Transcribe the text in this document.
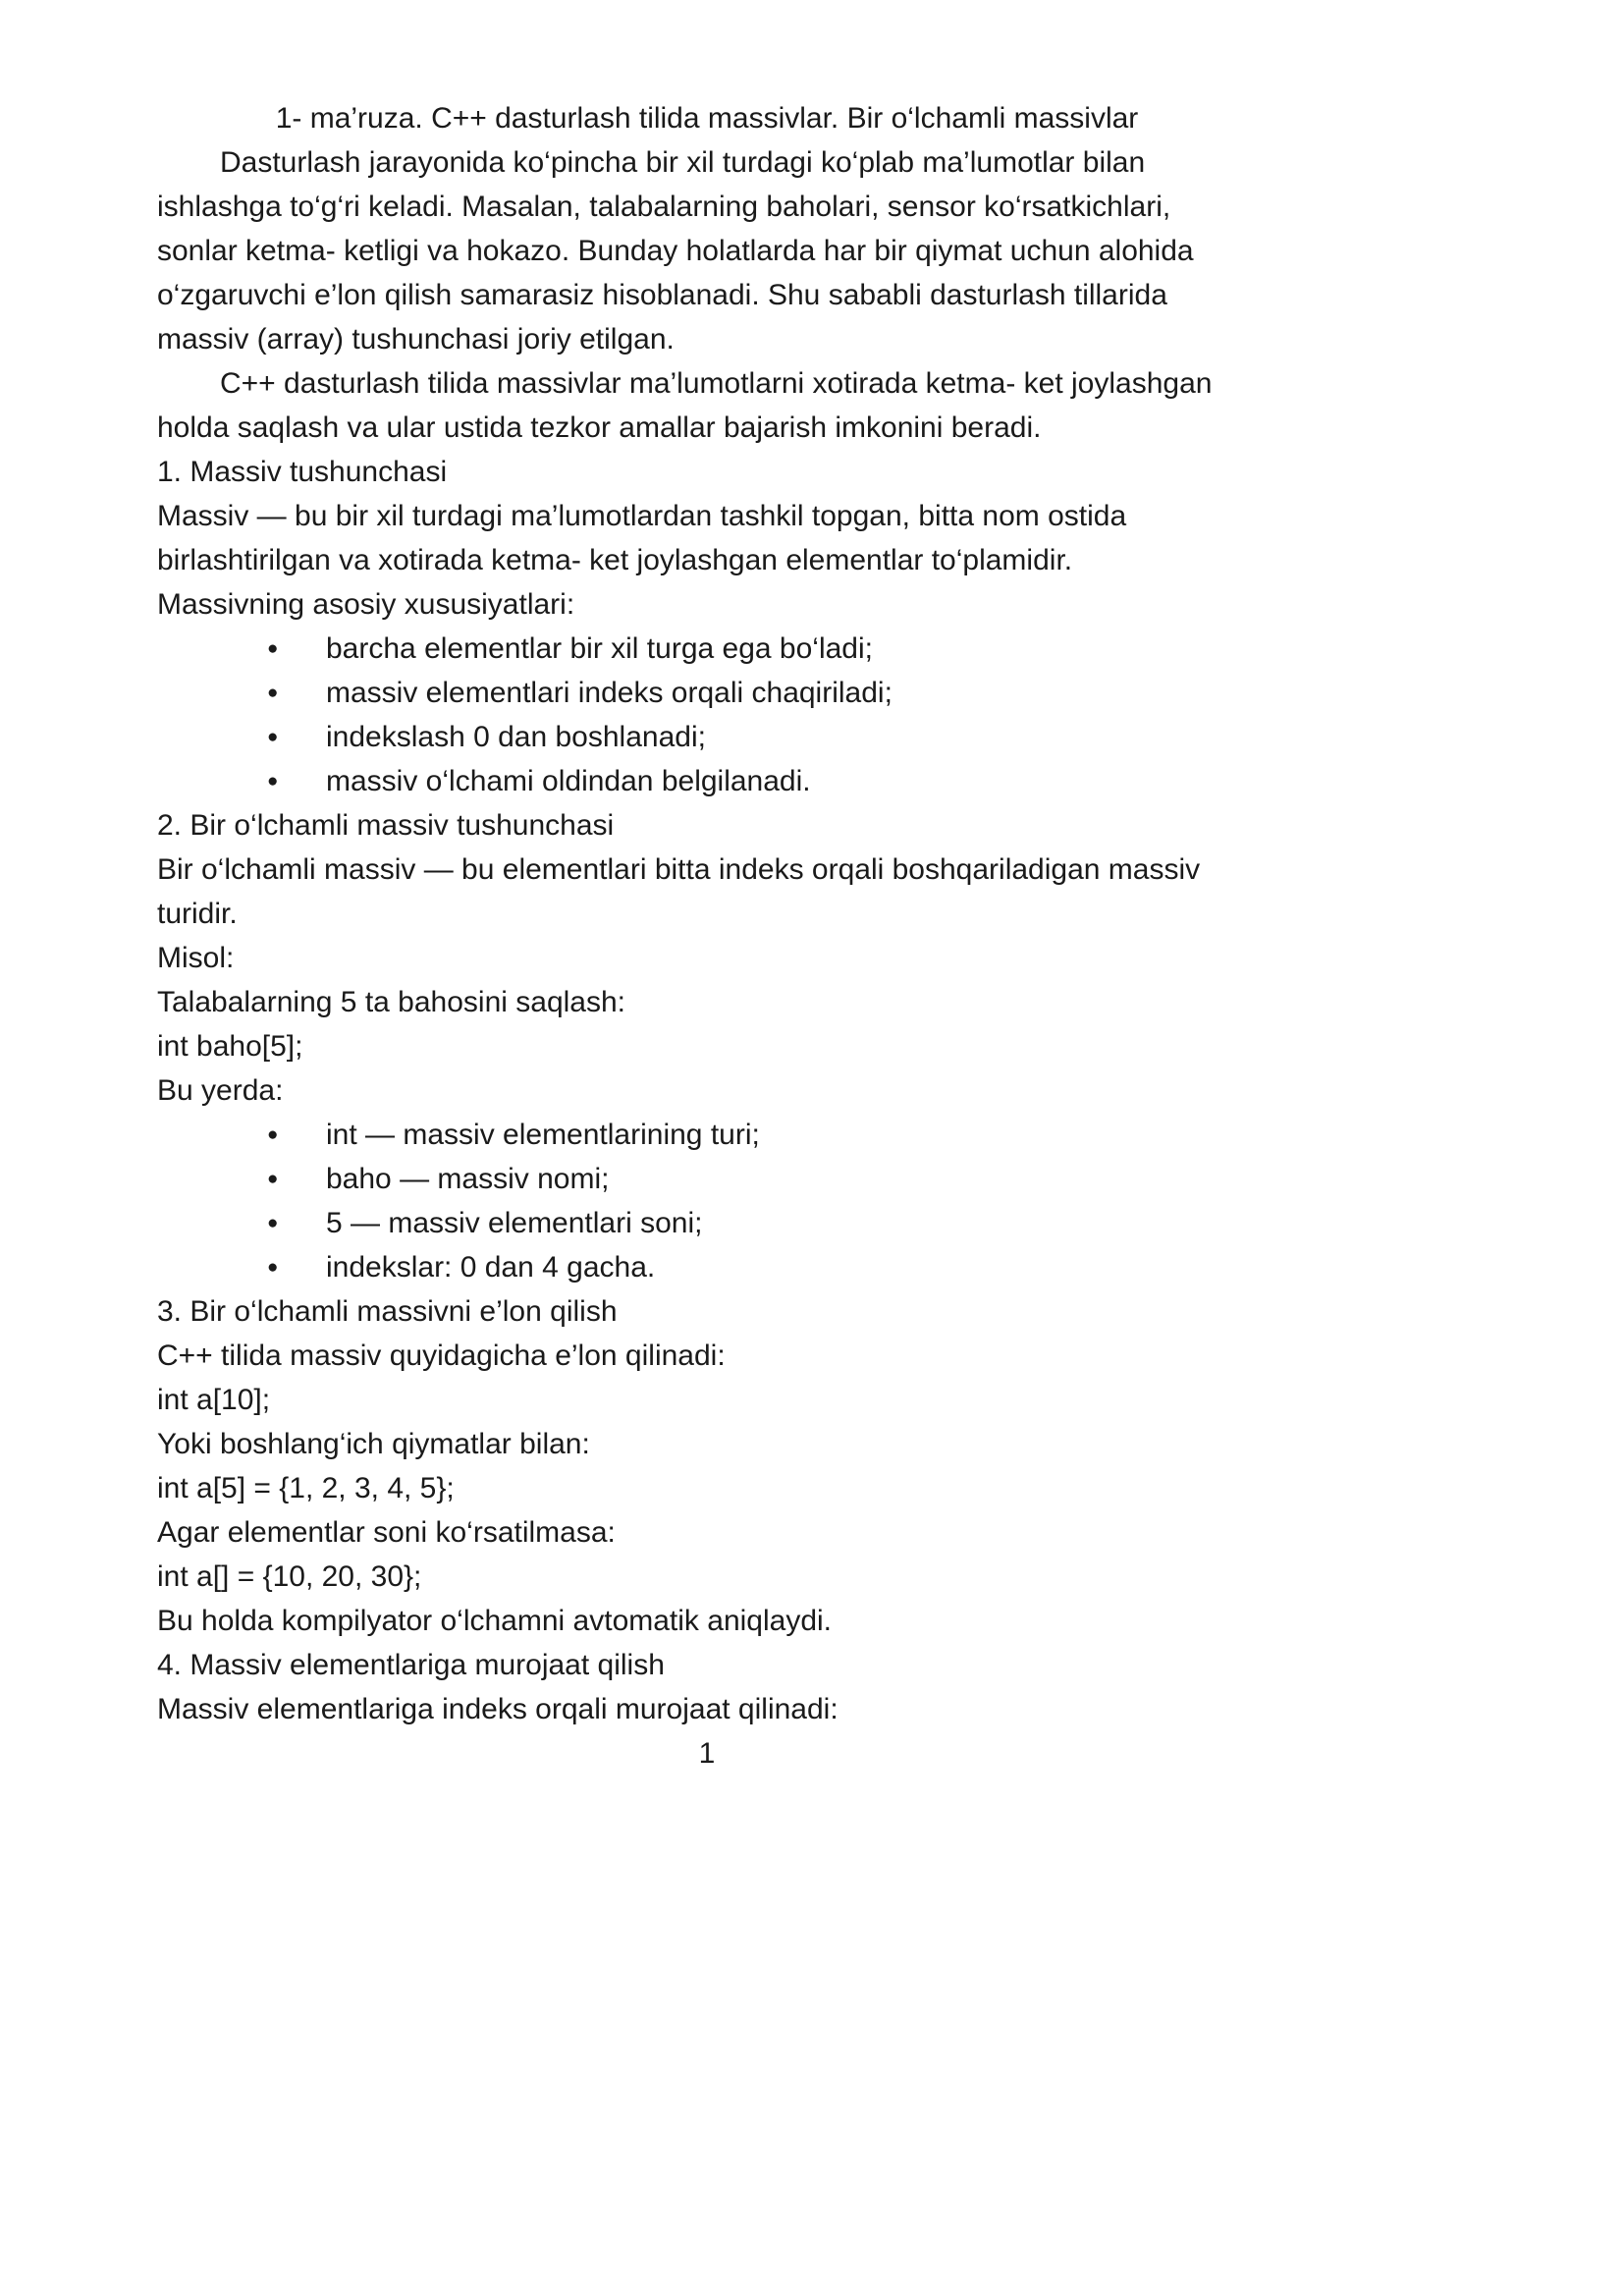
1- ma’ruza. C++ dasturlash tilida massivlar. Bir o‘lchamli massivlar

Dasturlash jarayonida ko‘pincha bir xil turdagi ko‘plab ma’lumotlar bilan ishlashga to‘g‘ri keladi. Masalan, talabalarning baholari, sensor ko‘rsatkichlari, sonlar ketma- ketligi va hokazo. Bunday holatlarda har bir qiymat uchun alohida o‘zgaruvchi e’lon qilish samarasiz hisoblanadi. Shu sababli dasturlash tillarida massiv (array) tushunchasi joriy etilgan.

C++ dasturlash tilida massivlar ma’lumotlarni xotirada ketma- ket joylashgan holda saqlash va ular ustida tezkor amallar bajarish imkonini beradi.

1. Massiv tushunchasi

Massiv — bu bir xil turdagi ma’lumotlardan tashkil topgan, bitta nom ostida birlashtirilgan va xotirada ketma- ket joylashgan elementlar to‘plamidir.

Massivning asosiy xususiyatlari:

● barcha elementlar bir xil turga ega bo‘ladi;
● massiv elementlari indeks orqali chaqiriladi;
● indekslash 0 dan boshlanadi;
● massiv o‘lchami oldindan belgilanadi.

2. Bir o‘lchamli massiv tushunchasi

Bir o‘lchamli massiv — bu elementlari bitta indeks orqali boshqariladigan massiv turidir.

Misol:

Talabalarning 5 ta bahosini saqlash:

int baho[5];

Bu yerda:

● int — massiv elementlarining turi;
● baho — massiv nomi;
● 5 — massiv elementlari soni;
● indekslar: 0 dan 4 gacha.

3. Bir o‘lchamli massivni e’lon qilish

C++ tilida massiv quyidagicha e’lon qilinadi:

int a[10];

Yoki boshlang‘ich qiymatlar bilan:

int a[5] = {1, 2, 3, 4, 5};

Agar elementlar soni ko‘rsatilmasa:

int a[] = {10, 20, 30};

Bu holda kompilyator o‘lchamni avtomatik aniqlaydi.

4. Massiv elementlariga murojaat qilish

Massiv elementlariga indeks orqali murojaat qilinadi:

1
